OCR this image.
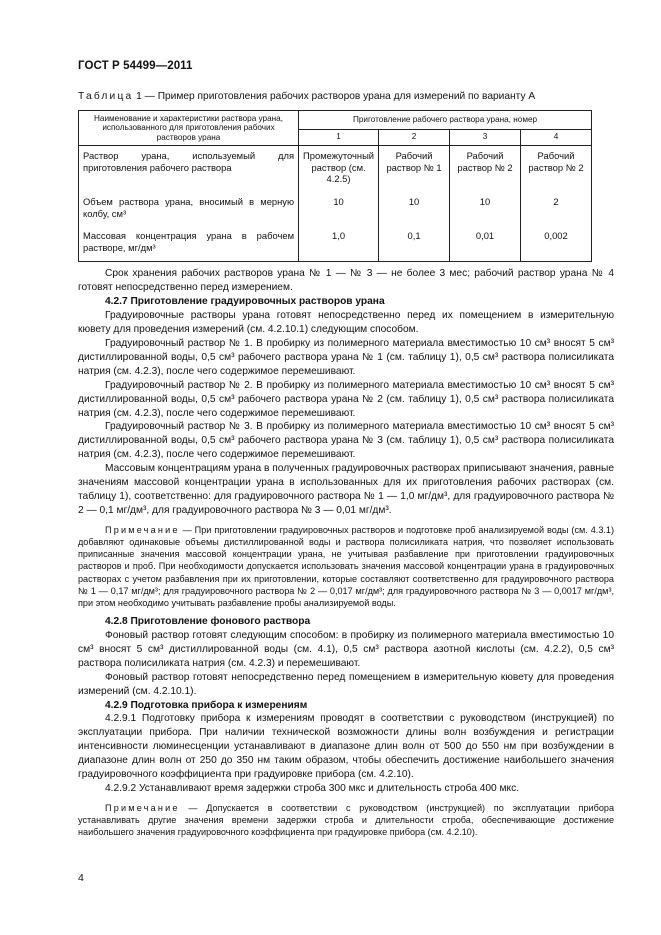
ГОСТ Р 54499—2011
Таблица 1 — Пример приготовления рабочих растворов урана для измерений по варианту А
Наименование и характеристики раствора урана, использованного для приготовления рабочих растворов урана	Приготовление рабочего раствора урана, номер			
	1	2	3	4
Раствор урана, используемый для приготовления рабочего раствора	Промежуточный раствор (см. 4.2.5)	Рабочий раствор № 1	Рабочий раствор № 2	Рабочий раствор № 2
Объем раствора урана, вносимый в мерную колбу, см³	10	10	10	2
Массовая концентрация урана в рабочем растворе, мг/дм³	1,0	0,1	0,01	0,002

Срок хранения рабочих растворов урана № 1 — № 3 — не более 3 мес; рабочий раствор урана № 4 готовят непосредственно перед измерением.

4.2.7 Приготовление градуировочных растворов урана

Градуировочные растворы урана готовят непосредственно перед их помещением в измерительную кювету для проведения измерений (см. 4.2.10.1) следующим способом.

Градуировочный раствор № 1. В пробирку из полимерного материала вместимостью 10 см³ вносят 5 см³ дистиллированной воды, 0,5 см³ рабочего раствора урана № 1 (см. таблицу 1), 0,5 см³ раствора полисиликата натрия (см. 4.2.3), после чего содержимое перемешивают.

Градуировочный раствор № 2. В пробирку из полимерного материала вместимостью 10 см³ вносят 5 см³ дистиллированной воды, 0,5 см³ рабочего раствора урана № 2 (см. таблицу 1), 0,5 см³ раствора полисиликата натрия (см. 4.2.3), после чего содержимое перемешивают.

Градуировочный раствор № 3. В пробирку из полимерного материала вместимостью 10 см³ вносят 5 см³ дистиллированной воды, 0,5 см³ рабочего раствора урана № 3 (см. таблицу 1), 0,5 см³ раствора полисиликата натрия (см. 4.2.3), после чего содержимое перемешивают.

Массовым концентрациям урана в полученных градуировочных растворах приписывают значения, равные значениям массовой концентрации урана в использованных для их приготовления рабочих растворах (см. таблицу 1), соответственно: для градуировочного раствора № 1 — 1,0 мг/дм³, для градуировочного раствора № 2 — 0,1 мг/дм³, для градуировочного раствора № 3 — 0,01 мг/дм³.

Примечание — При приготовлении градуировочных растворов и подготовке проб анализируемой воды (см. 4.3.1) добавляют одинаковые объемы дистиллированной воды и раствора полисиликата натрия, что позволяет использовать приписанные значения массовой концентрации урана, не учитывая разбавление при приготовлении градуировочных растворов и проб. При необходимости допускается использовать значения массовой концентрации урана в градуировочных растворах с учетом разбавления при их приготовлении, которые составляют соответственно для градуировочного раствора № 1 — 0,17 мг/дм³; для градуировочного раствора № 2 — 0,017 мг/дм³; для градуировочного раствора № 3 — 0,0017 мг/дм³, при этом необходимо учитывать разбавление пробы анализируемой воды.

4.2.8 Приготовление фонового раствора

Фоновый раствор готовят следующим способом: в пробирку из полимерного материала вместимостью 10 см³ вносят 5 см³ дистиллированной воды (см. 4.1), 0,5 см³ раствора азотной кислоты (см. 4.2.2), 0,5 см³ раствора полисиликата натрия (см. 4.2.3) и перемешивают.

Фоновый раствор готовят непосредственно перед помещением в измерительную кювету для проведения измерений (см. 4.2.10.1).

4.2.9 Подготовка прибора к измерениям

4.2.9.1 Подготовку прибора к измерениям проводят в соответствии с руководством (инструкцией) по эксплуатации прибора. При наличии технической возможности длины волн возбуждения и регистрации интенсивности люминесценции устанавливают в диапазоне длин волн от 500 до 550 нм при возбуждении в диапазоне длин волн от 250 до 350 нм таким образом, чтобы обеспечить достижение наибольшего значения градуировочного коэффициента при градуировке прибора (см. 4.2.10).

4.2.9.2 Устанавливают время задержки строба 300 мкс и длительность строба 400 мкс.

Примечание — Допускается в соответствии с руководством (инструкцией) по эксплуатации прибора устанавливать другие значения времени задержки строба и длительности строба, обеспечивающие достижение наибольшего значения градуировочного коэффициента при градуировке прибора (см. 4.2.10).

4
